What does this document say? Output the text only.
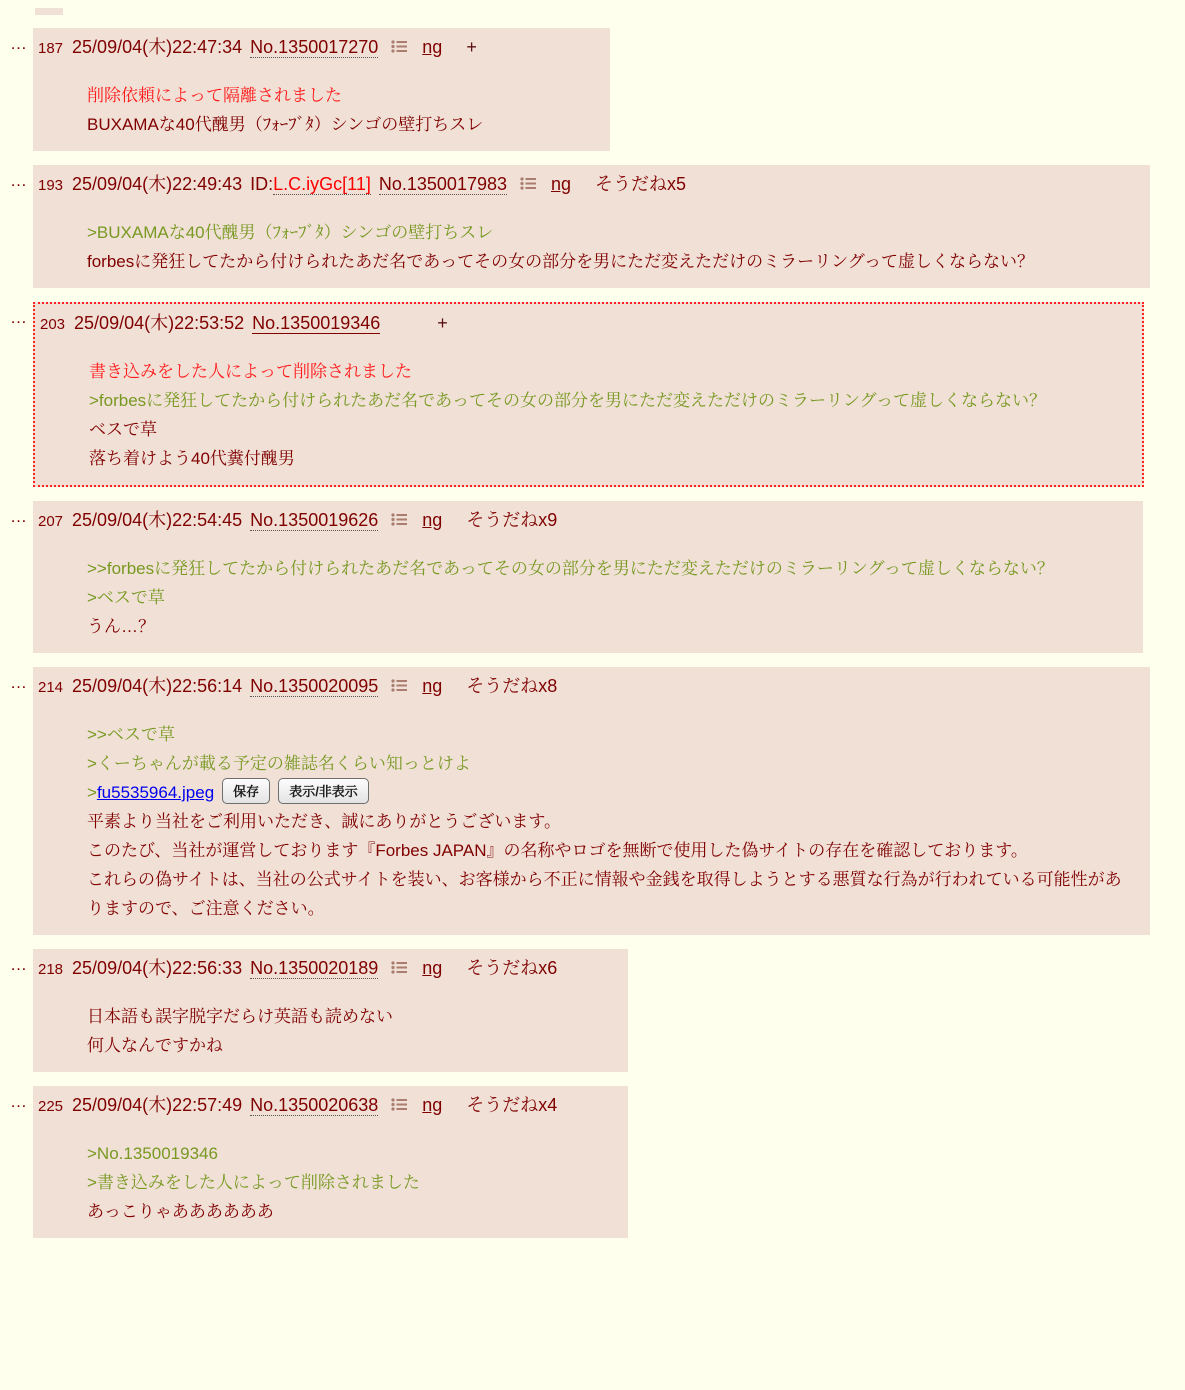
… 187 25/09/04(木)22:47:34 No.1350017270 ng +
削除依頼によって隔離されました
BUXAMAな40代醜男（ﾌｫｰﾌﾞﾀ）シンゴの壁打ちスレ
… 193 25/09/04(木)22:49:43 ID:L.C.iyGc[11] No.1350017983 ng そうだねx5
>BUXAMAな40代醜男（ﾌｫｰﾌﾞﾀ）シンゴの壁打ちスレ
forbesに発狂してたから付けられたあだ名であってその女の部分を男にただ変えただけのミラーリングって虚しくならない？
… 203 25/09/04(木)22:53:52 No.1350019346	+
書き込みをした人によって削除されました
>forbesに発狂してたから付けられたあだ名であってその女の部分を男にただ変えただけのミラーリングって虚しくならない？
ベスで草
落ち着けよう40代糞付醜男
… 207 25/09/04(木)22:54:45 No.1350019626 ng そうだねx9
>>forbesに発狂してたから付けられたあだ名であってその女の部分を男にただ変えただけのミラーリングって虚しくならない？
>ベスで草
うん…？
… 214 25/09/04(木)22:56:14 No.1350020095 ng そうだねx8
>>ベスで草
>くーちゃんが載る予定の雑誌名くらい知っとけよ
>fu5535964.jpeg 保存 表示/非表示
平素より当社をご利用いただき、誠にありがとうございます。
このたび、当社が運営しております『Forbes JAPAN』の名称やロゴを無断で使用した偽サイトの存在を確認しております。
これらの偽サイトは、当社の公式サイトを装い、お客様から不正に情報や金銭を取得しようとする悪質な行為が行われている可能性がありますので、ご注意ください。
… 218 25/09/04(木)22:56:33 No.1350020189 ng そうだねx6
日本語も誤字脱字だらけ英語も読めない
何人なんですかね
… 225 25/09/04(木)22:57:49 No.1350020638 ng そうだねx4
>No.1350019346
>書き込みをした人によって削除されました
あっこりゃああああああ
